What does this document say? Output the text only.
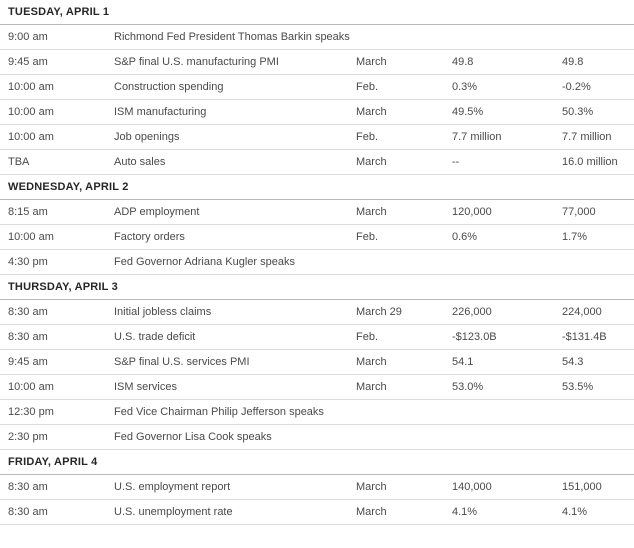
TUESDAY, APRIL 1
9:00 am	Richmond Fed President Thomas Barkin speaks
9:45 am	S&P final U.S. manufacturing PMI	March	49.8	49.8
10:00 am	Construction spending	Feb.	0.3%	-0.2%
10:00 am	ISM manufacturing	March	49.5%	50.3%
10:00 am	Job openings	Feb.	7.7 million	7.7 million
TBA	Auto sales	March	--	16.0 million
WEDNESDAY, APRIL 2
8:15 am	ADP employment	March	120,000	77,000
10:00 am	Factory orders	Feb.	0.6%	1.7%
4:30 pm	Fed Governor Adriana Kugler speaks
THURSDAY, APRIL 3
8:30 am	Initial jobless claims	March 29	226,000	224,000
8:30 am	U.S. trade deficit	Feb.	-$123.0B	-$131.4B
9:45 am	S&P final U.S. services PMI	March	54.1	54.3
10:00 am	ISM services	March	53.0%	53.5%
12:30 pm	Fed Vice Chairman Philip Jefferson speaks
2:30 pm	Fed Governor Lisa Cook speaks
FRIDAY, APRIL 4
8:30 am	U.S. employment report	March	140,000	151,000
8:30 am	U.S. unemployment rate	March	4.1%	4.1%
